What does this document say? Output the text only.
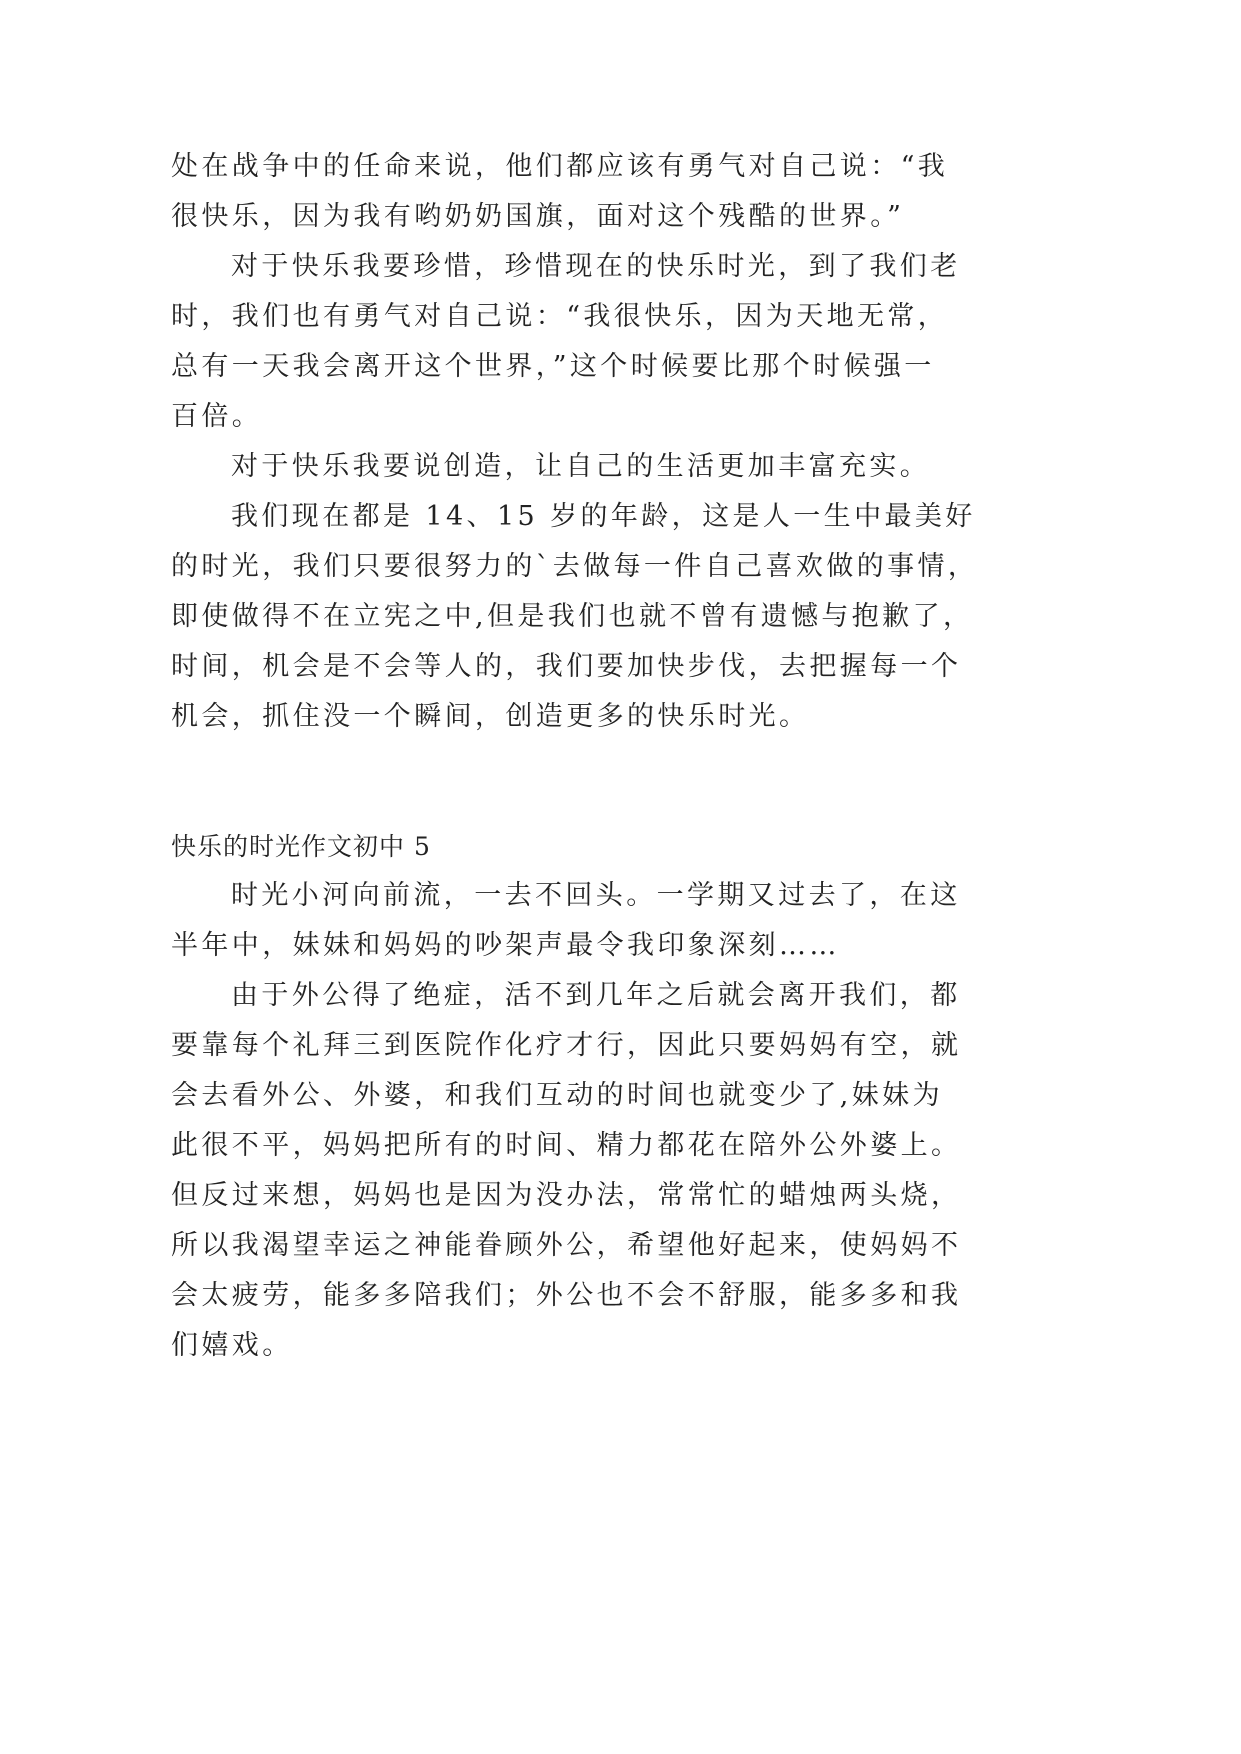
处在战争中的任命来说，他们都应该有勇气对自己说：“我
很快乐，因为我有哟奶奶国旗，面对这个残酷的世界。”
对于快乐我要珍惜，珍惜现在的快乐时光，到了我们老
时，我们也有勇气对自己说：“我很快乐，因为天地无常，
总有一天我会离开这个世界，”这个时候要比那个时候强一
百倍。
对于快乐我要说创造，让自己的生活更加丰富充实。
我们现在都是 14、15 岁的年龄，这是人一生中最美好
的时光，我们只要很努力的`去做每一件自己喜欢做的事情，
即使做得不在立宪之中,但是我们也就不曾有遗憾与抱歉了，
时间，机会是不会等人的，我们要加快步伐，去把握每一个
机会，抓住没一个瞬间，创造更多的快乐时光。
快乐的时光作文初中 5
时光小河向前流，一去不回头。一学期又过去了，在这
半年中，妹妹和妈妈的吵架声最令我印象深刻……
由于外公得了绝症，活不到几年之后就会离开我们，都
要靠每个礼拜三到医院作化疗才行，因此只要妈妈有空，就
会去看外公、外婆，和我们互动的时间也就变少了,妹妹为
此很不平，妈妈把所有的时间、精力都花在陪外公外婆上。
但反过来想，妈妈也是因为没办法，常常忙的蜡烛两头烧，
所以我渴望幸运之神能眷顾外公，希望他好起来，使妈妈不
会太疲劳，能多多陪我们；外公也不会不舒服，能多多和我
们嬉戏。
